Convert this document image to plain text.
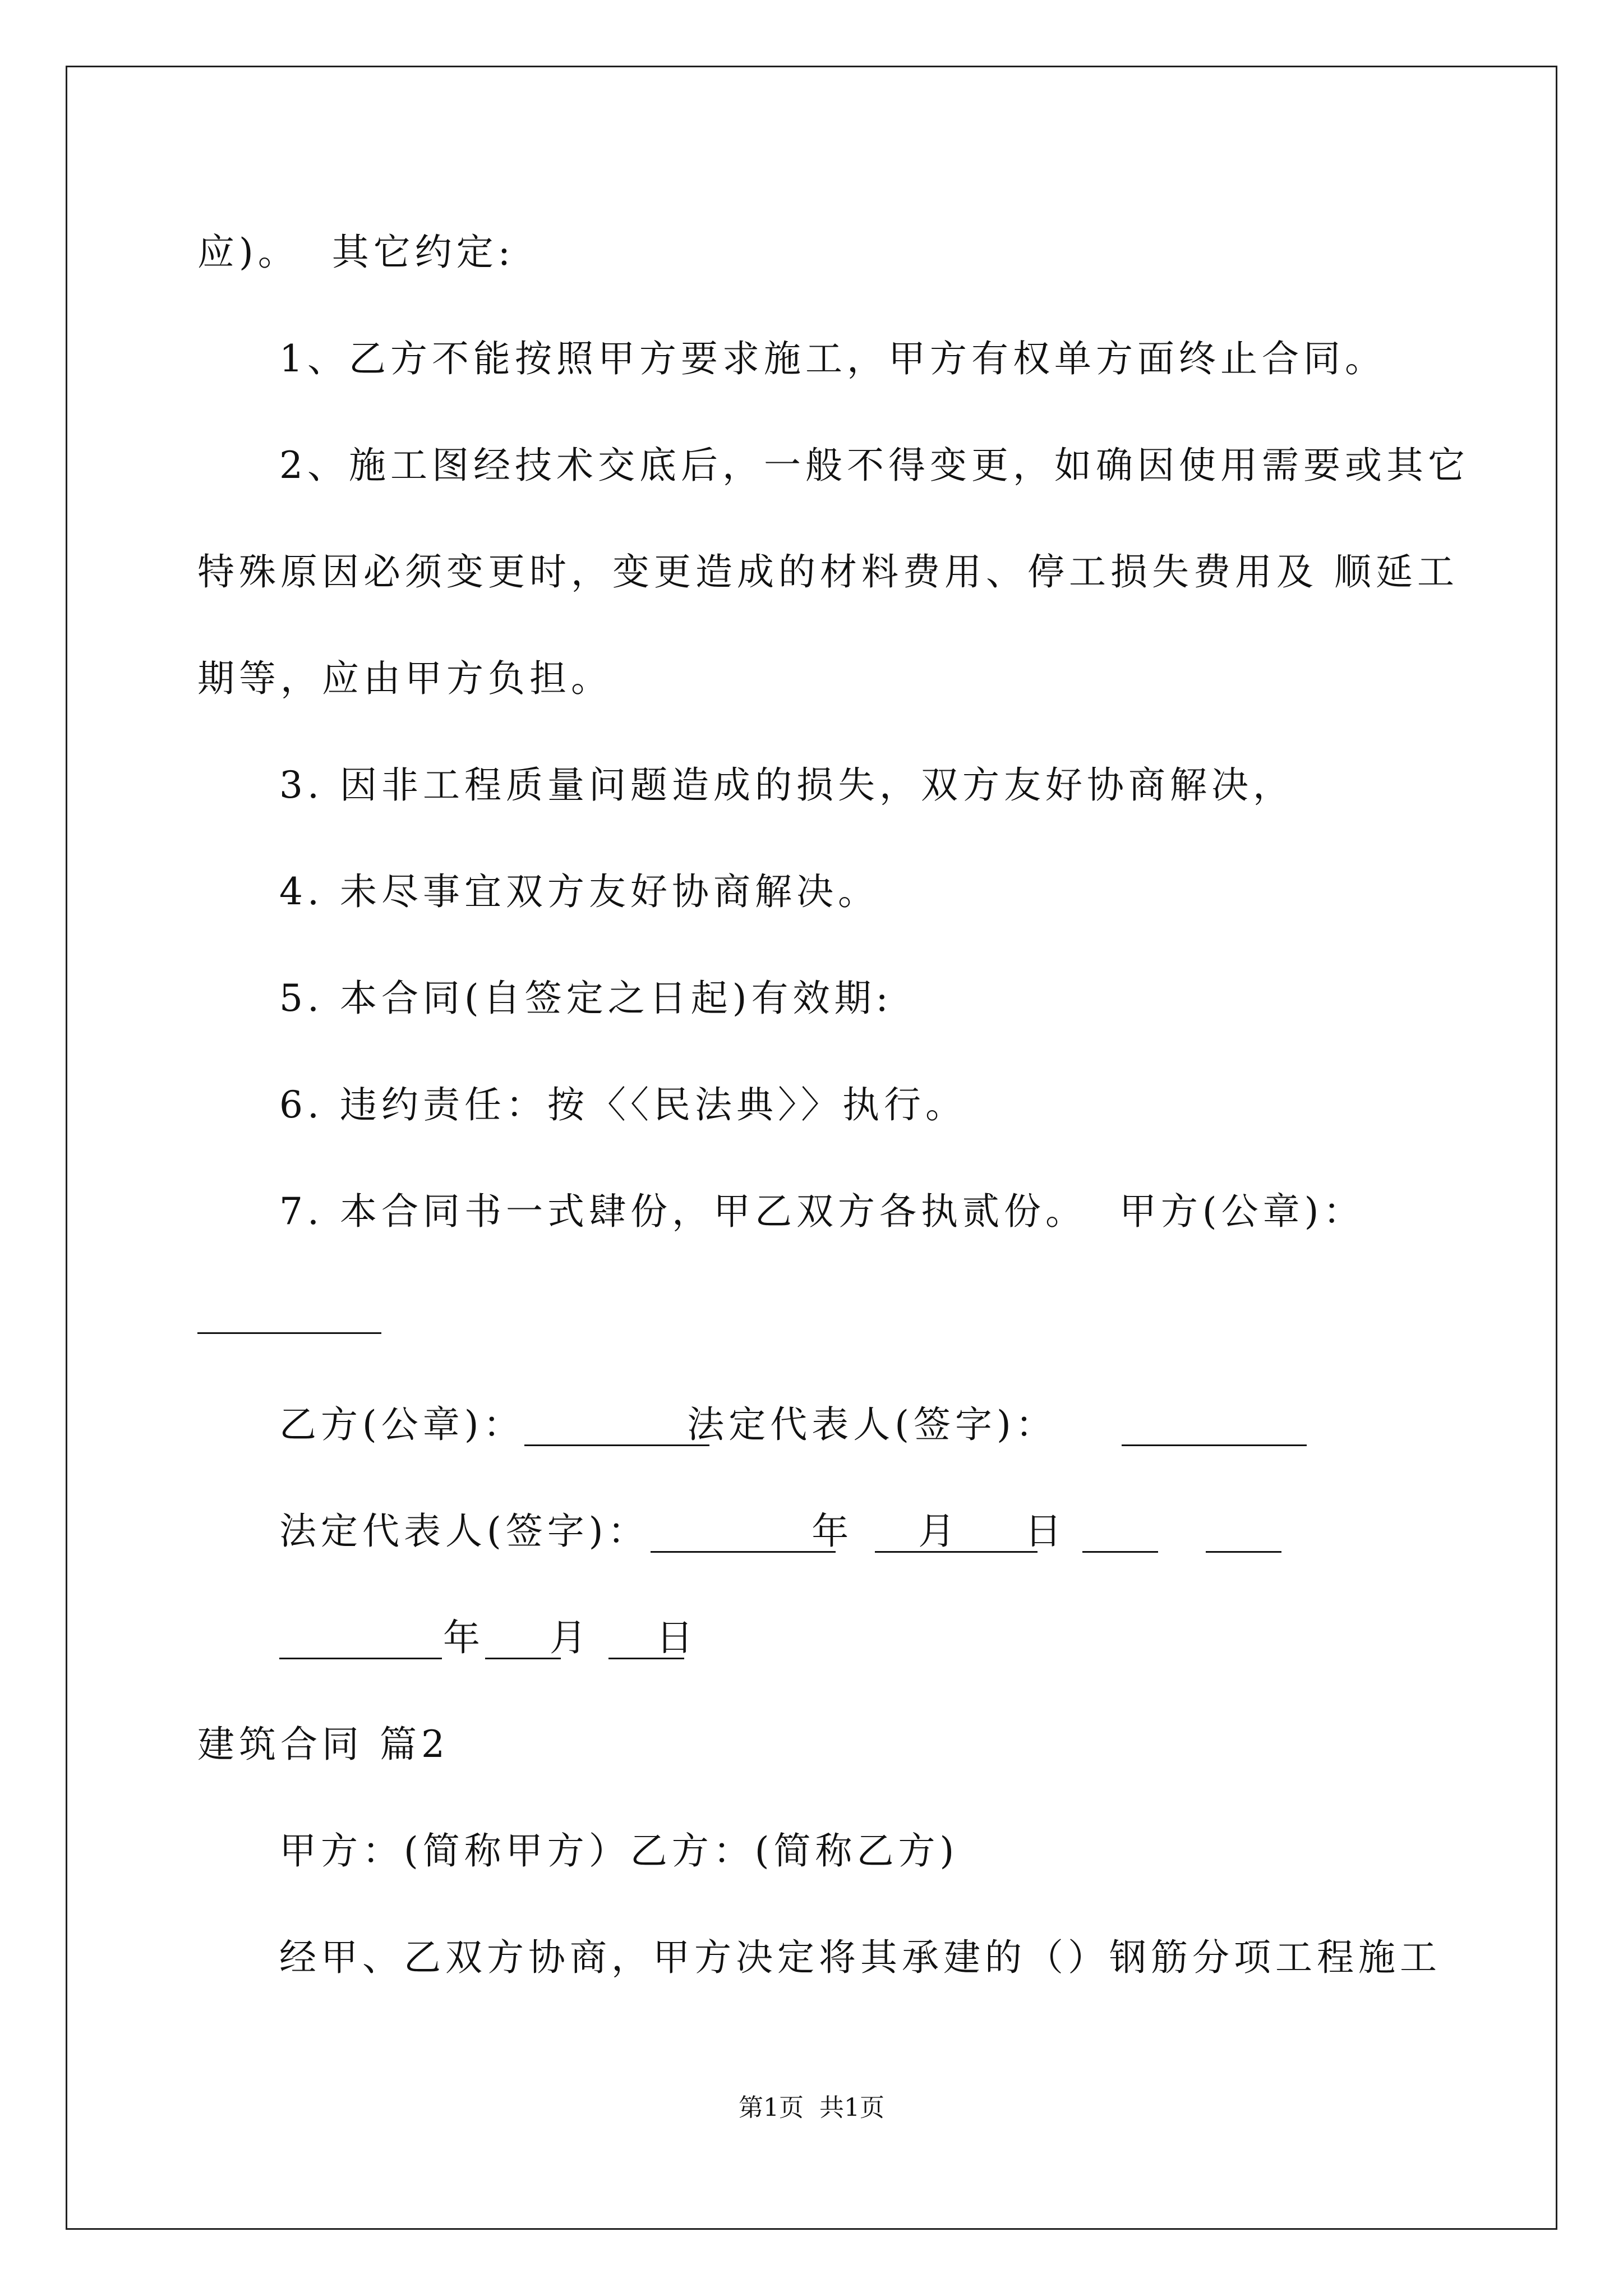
应)。  其它约定:
1、乙方不能按照甲方要求施工，甲方有权单方面终止合同。
2、施工图经技术交底后，一般不得变更，如确因使用需要或其它
特殊原因必须变更时，变更造成的材料费用、停工损失费用及 顺延工
期等，应由甲方负担。
3. 因非工程质量问题造成的损失，双方友好协商解决，
4. 未尽事宜双方友好协商解决。
5. 本合同(自签定之日起)有效期:
6. 违约责任：按〈〈民法典〉〉执行。
7. 本合同书一式肆份，甲乙双方各执贰份。  甲方(公章)：
乙方(公章)：          法定代表人(签字)：
法定代表人(签字)：          年    月    日
年    月    日
建筑合同 篇2
甲方：(简称甲方）乙方：(简称乙方)
经甲、乙双方协商，甲方决定将其承建的（）钢筋分项工程施工
第1页  共1页
